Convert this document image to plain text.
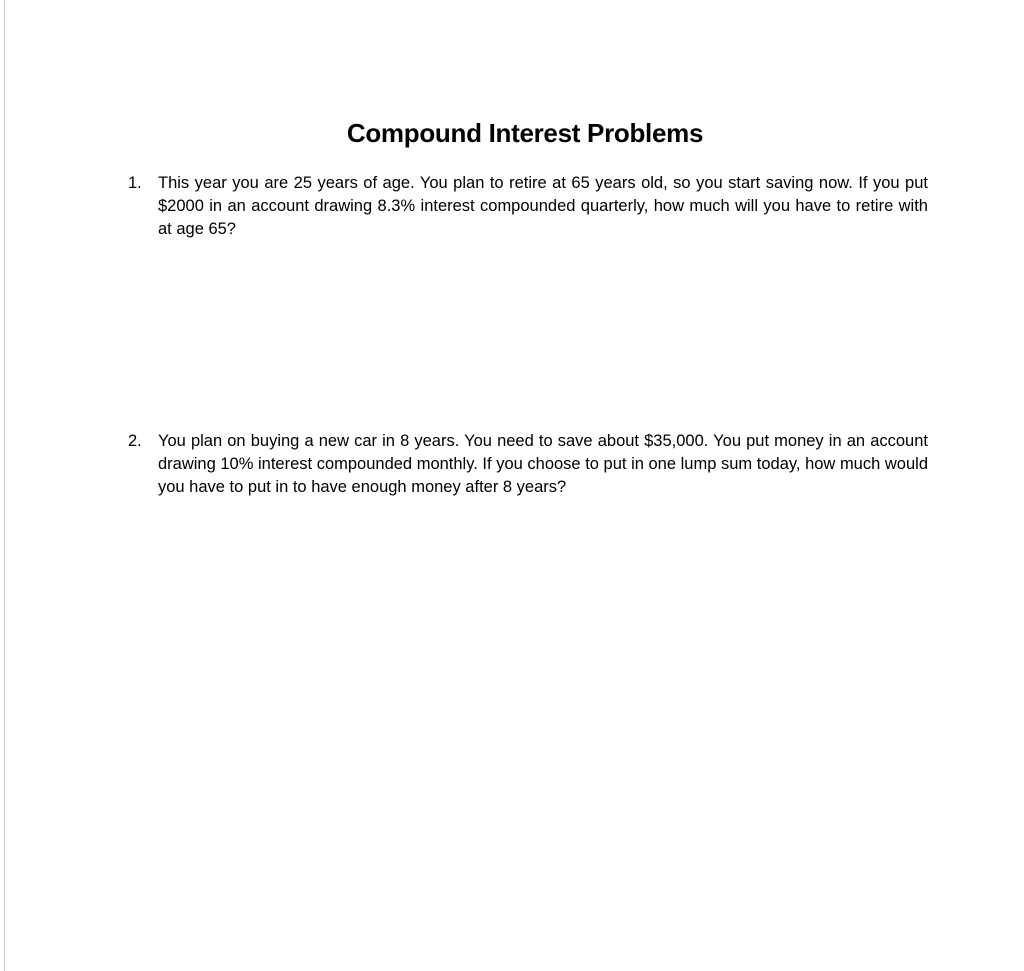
Compound Interest Problems
1. This year you are 25 years of age. You plan to retire at 65 years old, so you start saving now. If you put $2000 in an account drawing 8.3% interest compounded quarterly, how much will you have to retire with at age 65?
2. You plan on buying a new car in 8 years. You need to save about $35,000. You put money in an account drawing 10% interest compounded monthly. If you choose to put in one lump sum today, how much would you have to put in to have enough money after 8 years?
